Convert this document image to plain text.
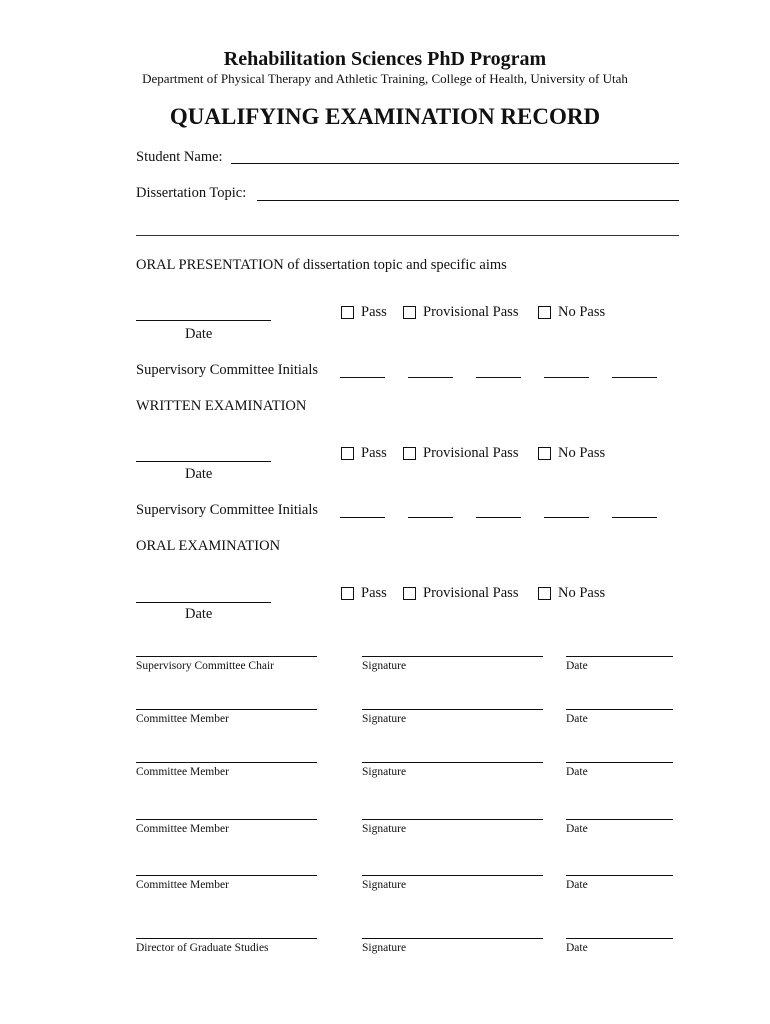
Rehabilitation Sciences PhD Program
Department of Physical Therapy and Athletic Training, College of Health, University of Utah
QUALIFYING EXAMINATION RECORD
Student Name:
Dissertation Topic:
ORAL PRESENTATION of dissertation topic and specific aims
Date
Pass Provisional Pass	No Pass
Supervisory Committee Initials
WRITTEN EXAMINATION
Date
Pass Provisional Pass	No Pass
Supervisory Committee Initials
ORAL EXAMINATION
Date
Pass Provisional Pass	No Pass
Supervisory Committee Chair	Signature	Date
Committee Member	Signature	Date
Committee Member	Signature	Date
Committee Member	Signature	Date
Committee Member	Signature	Date
Director of Graduate Studies	Signature	Date
